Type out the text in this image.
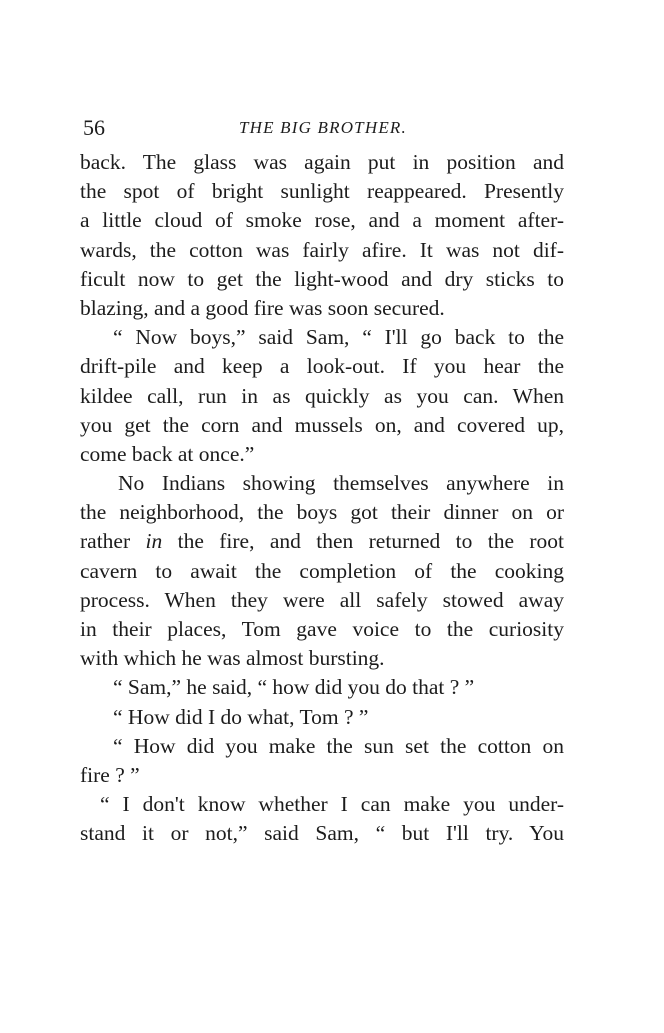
56	THE BIG BROTHER.
back. The glass was again put in position and
the spot of bright sunlight reappeared. Presently
a little cloud of smoke rose, and a moment after-
wards, the cotton was fairly afire. It was not dif-
ficult now to get the light-wood and dry sticks to
blazing, and a good fire was soon secured.
“ Now boys,” said Sam, “ I'll go back to the
drift-pile and keep a look-out. If you hear the
kildee call, run in as quickly as you can. When
you get the corn and mussels on, and covered up,
come back at once.”
No Indians showing themselves anywhere in
the neighborhood, the boys got their dinner on or
rather in the fire, and then returned to the root
cavern to await the completion of the cooking
process. When they were all safely stowed away
in their places, Tom gave voice to the curiosity
with which he was almost bursting.
“ Sam,” he said, “ how did you do that ? ”
“ How did I do what, Tom ? ”
“ How did you make the sun set the cotton on
fire ? ”
“ I don't know whether I can make you under-
stand it or not,” said Sam, “ but I'll try. You
